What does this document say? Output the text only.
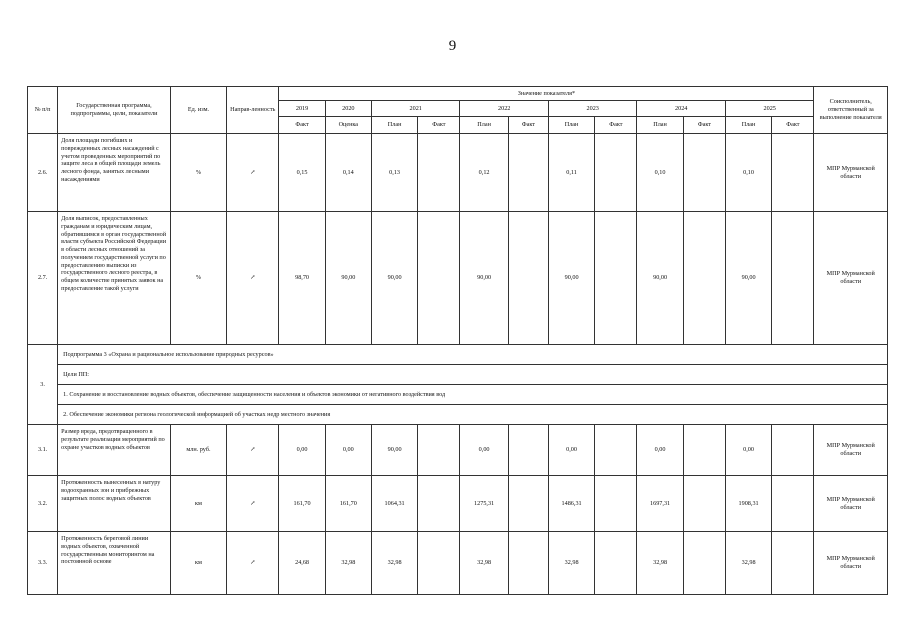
9
№ п/п	Государственная программа, подпрограммы, цели, показатели	Ед. изм.	Направ-ленность	Значение показателя*												Соисполнитель, ответственный за выполнение показателя
				2019	2020	2021		2022		2023		2024		2025		
				Факт	Оценка	План	Факт	План	Факт	План	Факт	План	Факт	План	Факт	
2.6.	Доля площади погибших и поврежденных лесных насаждений с учетом проведенных мероприятий по защите леса в общей площади земель лесного фонда, занятых лесными насаждениями	%	↗	0,15	0,14	0,13		0,12		0,11		0,10		0,10		МПР Мурманской области
2.7.	Доля выписок, предоставленных гражданам и юридическим лицам, обратившимся в орган государственной власти субъекта Российской Федерации в области лесных отношений за получением государственной услуги по предоставлению выписки из государственного лесного реестра, в общем количестве принятых заявок на предоставление такой услуги	%	↗	98,70	90,00	90,00		90,00		90,00		90,00		90,00		МПР Мурманской области
3.	Подпрограмма 3 «Охрана и рациональное использование природных ресурсов»															
	Цели ПП:															
	1. Сохранение и восстановление водных объектов, обеспечение защищенности населения и объектов экономики от негативного воздействия вод															
	2. Обеспечение экономики региона геологической информацией об участках недр местного значения															
3.1.	Размер вреда, предотвращенного в результате реализации мероприятий по охране участков водных объектов	млн. руб.	↗	0,00	0,00	90,00		0,00		0,00		0,00		0,00		МПР Мурманской области
3.2.	Протяженность вынесенных в натуру водоохранных зон и прибрежных защитных полос водных объектов	км	↗	161,70	161,70	1064,31		1275,31		1486,31		1697,31		1908,31		МПР Мурманской области
3.3.	Протяженность береговой линии водных объектов, охваченной государственным мониторингом на постоянной основе	км	↗	24,68	32,98	32,98		32,98		32,98		32,98		32,98		МПР Мурманской области
